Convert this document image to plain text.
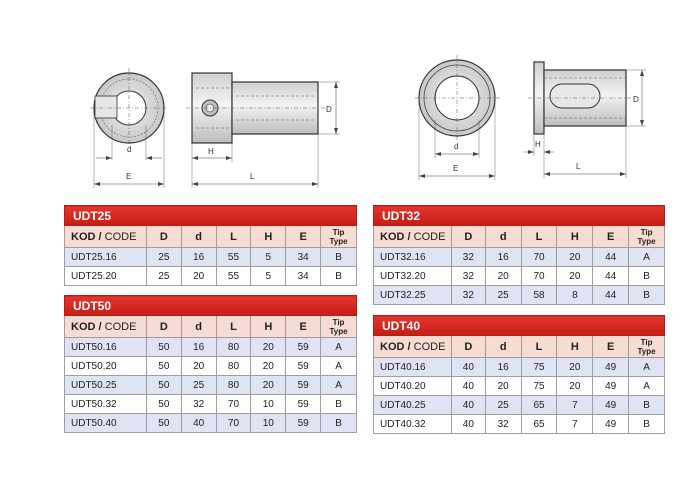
d
E
D
H
L
d
E
D
H
L
UDT25						
KOD / CODE	D	d	L	H	E	Tip
Type
UDT25.16	25	16	55	5	34	B
UDT25.20	25	20	55	5	34	B
UDT50						
KOD / CODE	D	d	L	H	E	Tip
Type
UDT50.16	50	16	80	20	59	A
UDT50.20	50	20	80	20	59	A
UDT50.25	50	25	80	20	59	A
UDT50.32	50	32	70	10	59	B
UDT50.40	50	40	70	10	59	B
UDT32						
KOD / CODE	D	d	L	H	E	Tip
Type
UDT32.16	32	16	70	20	44	A
UDT32.20	32	20	70	20	44	B
UDT32.25	32	25	58	8	44	B
UDT40						
KOD / CODE	D	d	L	H	E	Tip
Type
UDT40.16	40	16	75	20	49	A
UDT40.20	40	20	75	20	49	A
UDT40.25	40	25	65	7	49	B
UDT40.32	40	32	65	7	49	B
